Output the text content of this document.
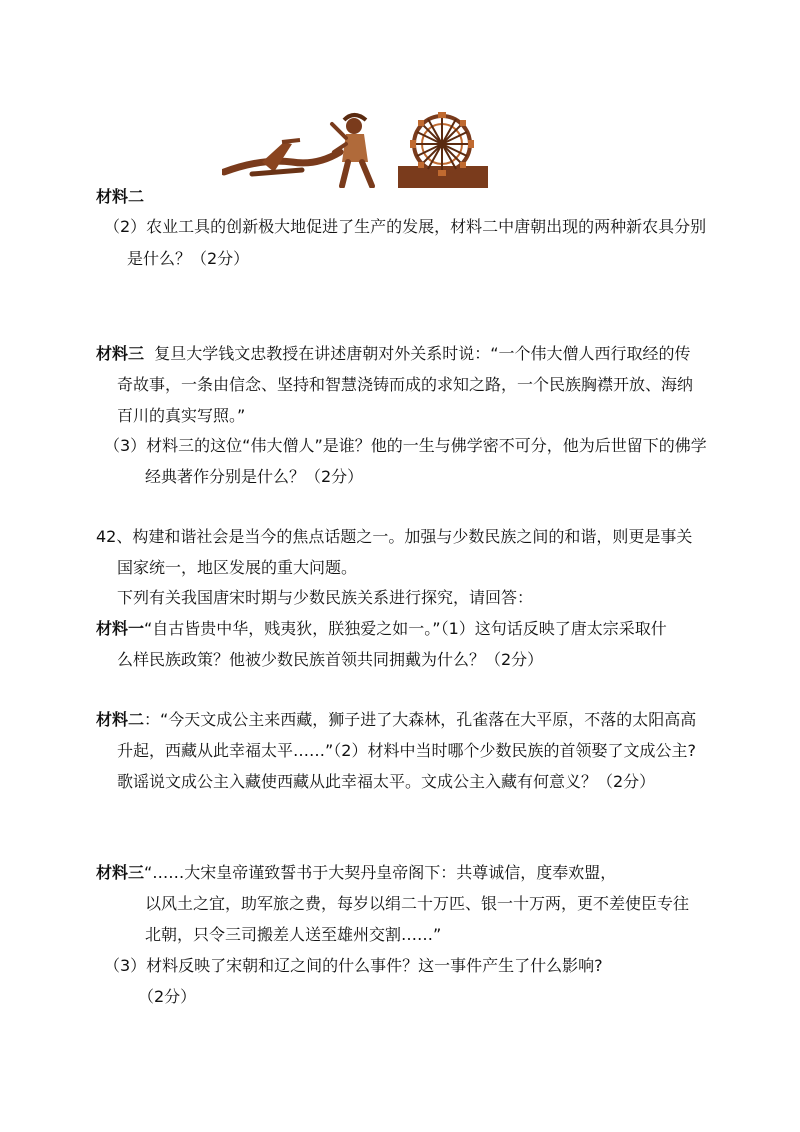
材料二
（2）农业工具的创新极大地促进了生产的发展，材料二中唐朝出现的两种新农具分别
是什么？（2分）
材料三 复旦大学钱文忠教授在讲述唐朝对外关系时说：“一个伟大僧人西行取经的传
奇故事，一条由信念、坚持和智慧浇铸而成的求知之路，一个民族胸襟开放、海纳
百川的真实写照。”
（3）材料三的这位“伟大僧人”是谁？他的一生与佛学密不可分，他为后世留下的佛学
经典著作分别是什么？（2分）
42、构建和谐社会是当今的焦点话题之一。加强与少数民族之间的和谐，则更是事关
国家统一，地区发展的重大问题。
下列有关我国唐宋时期与少数民族关系进行探究，请回答：
材料一“自古皆贵中华，贱夷狄，朕独爱之如一。”（1）这句话反映了唐太宗采取什
么样民族政策？他被少数民族首领共同拥戴为什么？（2分）
材料二：“今天文成公主来西藏，狮子进了大森林，孔雀落在大平原，不落的太阳高高
升起，西藏从此幸福太平……”（2）材料中当时哪个少数民族的首领娶了文成公主?
歌谣说文成公主入藏使西藏从此幸福太平。文成公主入藏有何意义？（2分）
材料三“……大宋皇帝谨致誓书于大契丹皇帝阁下：共尊诚信，度奉欢盟，
以风土之宜，助军旅之费，每岁以绢二十万匹、银一十万两，更不差使臣专往
北朝，只令三司搬差人送至雄州交割……”
（3）材料反映了宋朝和辽之间的什么事件？这一事件产生了什么影响?
（2分）
